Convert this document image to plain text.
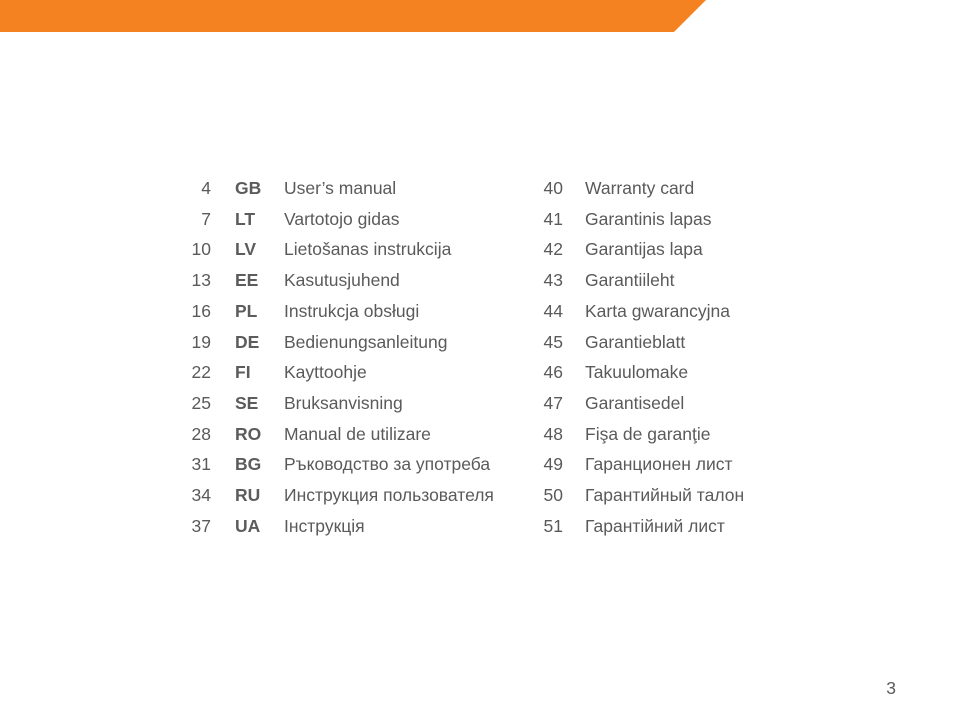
4 GB User’s manual
7 LT Vartotojo gidas
10 LV Lietošanas instrukcija
13 EE Kasutusjuhend
16 PL Instrukcja obsługi
19 DE Bedienungsanleitung
22 FI Kayttoohje
25 SE Bruksanvisning
28 RO Manual de utilizare
31 BG Ръководство за употреба
34 RU Инструкция пользователя
37 UA Інструкція
40 Warranty card
41 Garantinis lapas
42 Garantijas lapa
43 Garantiileht
44 Karta gwarancyjna
45 Garantieblatt
46 Takuulomake
47 Garantisedel
48 Fişa de garanţie
49 Гаранционен лист
50 Гарантийный талон
51 Гарантійний лист
3
